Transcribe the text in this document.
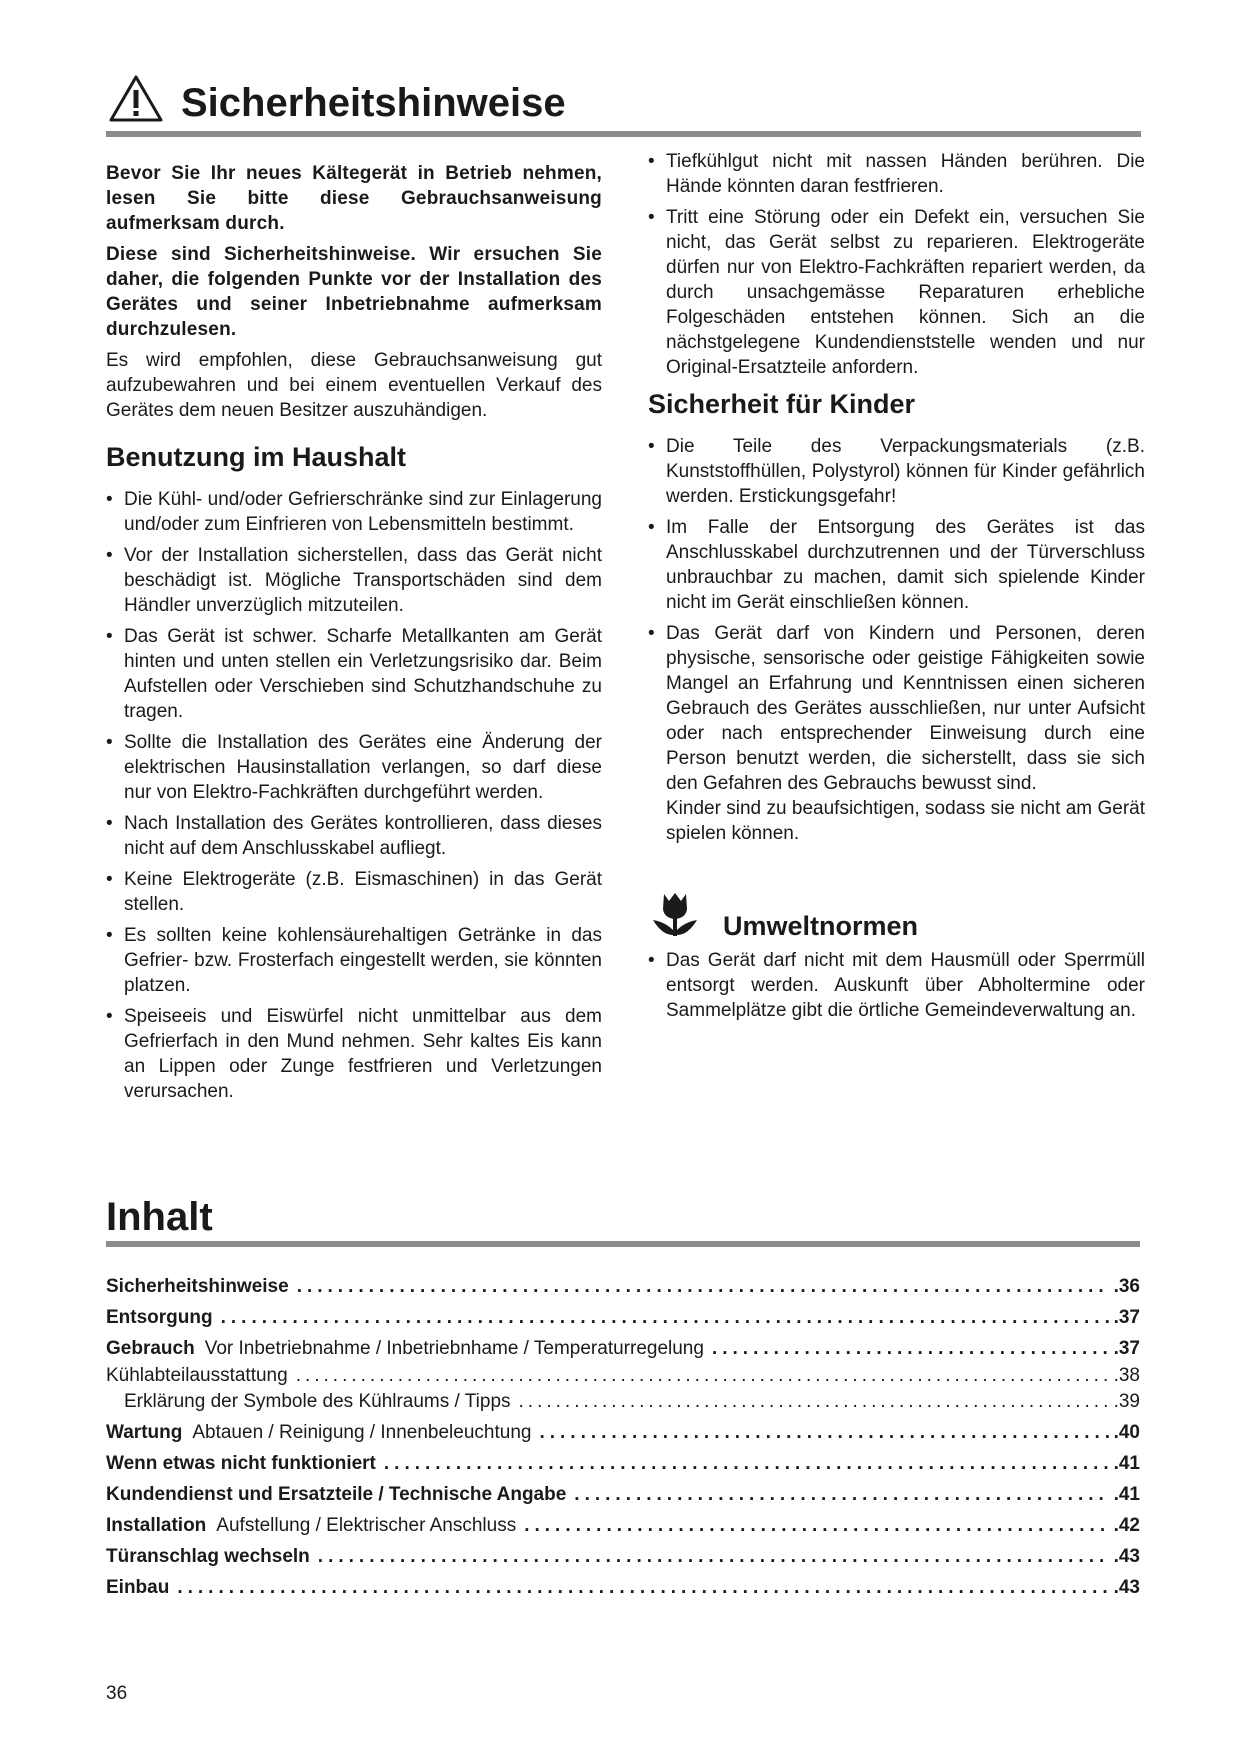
Sicherheitshinweise

Bevor Sie Ihr neues Kältegerät in Betrieb nehmen, lesen Sie bitte diese Gebrauchsanweisung aufmerksam durch.

Diese sind Sicherheitshinweise. Wir ersuchen Sie daher, die folgenden Punkte vor der Installation des Gerätes und seiner Inbetriebnahme aufmerksam durchzulesen.

Es wird empfohlen, diese Gebrauchsanweisung gut aufzubewahren und bei einem eventuellen Verkauf des Gerätes dem neuen Besitzer auszuhändigen.

Benutzung im Haushalt
• Die Kühl- und/oder Gefrierschränke sind zur Einlagerung und/oder zum Einfrieren von Lebensmitteln bestimmt.
• Vor der Installation sicherstellen, dass das Gerät nicht beschädigt ist. Mögliche Transportschäden sind dem Händler unverzüglich mitzuteilen.
• Das Gerät ist schwer. Scharfe Metallkanten am Gerät hinten und unten stellen ein Verletzungsrisiko dar. Beim Aufstellen oder Verschieben sind Schutzhandschuhe zu tragen.
• Sollte die Installation des Gerätes eine Änderung der elektrischen Hausinstallation verlangen, so darf diese nur von Elektro-Fachkräften durchgeführt werden.
• Nach Installation des Gerätes kontrollieren, dass dieses nicht auf dem Anschlusskabel aufliegt.
• Keine Elektrogeräte (z.B. Eismaschinen) in das Gerät stellen.
• Es sollten keine kohlensäurehaltigen Getränke in das Gefrier- bzw. Frosterfach eingestellt werden, sie könnten platzen.
• Speiseeis und Eiswürfel nicht unmittelbar aus dem Gefrierfach in den Mund nehmen. Sehr kaltes Eis kann an Lippen oder Zunge festfrieren und Verletzungen verursachen.
• Tiefkühlgut nicht mit nassen Händen berühren. Die Hände könnten daran festfrieren.
• Tritt eine Störung oder ein Defekt ein, versuchen Sie nicht, das Gerät selbst zu reparieren. Elektrogeräte dürfen nur von Elektro-Fachkräften repariert werden, da durch unsachgemässe Reparaturen erhebliche Folgeschäden entstehen können. Sich an die nächstgelegene Kundendienststelle wenden und nur Original-Ersatzteile anfordern.
Sicherheit für Kinder
• Die Teile des Verpackungsmaterials (z.B. Kunststoffhüllen, Polystyrol) können für Kinder gefährlich werden. Erstickungsgefahr!
• Im Falle der Entsorgung des Gerätes ist das Anschlusskabel durchzutrennen und der Türverschluss unbrauchbar zu machen, damit sich spielende Kinder nicht im Gerät einschließen können.
• Das Gerät darf von Kindern und Personen, deren physische, sensorische oder geistige Fähigkeiten sowie Mangel an Erfahrung und Kenntnissen einen sicheren Gebrauch des Gerätes ausschließen, nur unter Aufsicht oder nach entsprechender Einweisung durch eine Person benutzt werden, die sicherstellt, dass sie sich den Gefahren des Gebrauchs bewusst sind.
Kinder sind zu beaufsichtigen, sodass sie nicht am Gerät spielen können.
Umweltnormen
• Das Gerät darf nicht mit dem Hausmüll oder Sperrmüll entsorgt werden. Auskunft über Abholtermine oder Sammelplätze gibt die örtliche Gemeindeverwaltung an.
Inhalt
Sicherheitshinweise .....	.36
Entsorgung .....	.37
Gebrauch Vor Inbetriebnahme / Inbetriebnhame / Temperaturregelung .....	.37
Kühlabteilausstattung .....	.38
Erklärung der Symbole des Kühlraums / Tipps .....	.39
Wartung Abtauen / Reinigung / Innenbeleuchtung .....	.40
Wenn etwas nicht funktioniert .....	.41
Kundendienst und Ersatzteile / Technische Angabe .....	.41
Installation Aufstellung / Elektrischer Anschluss .....	.42
Türanschlag wechseln .....	.43
Einbau .....	.43
36
